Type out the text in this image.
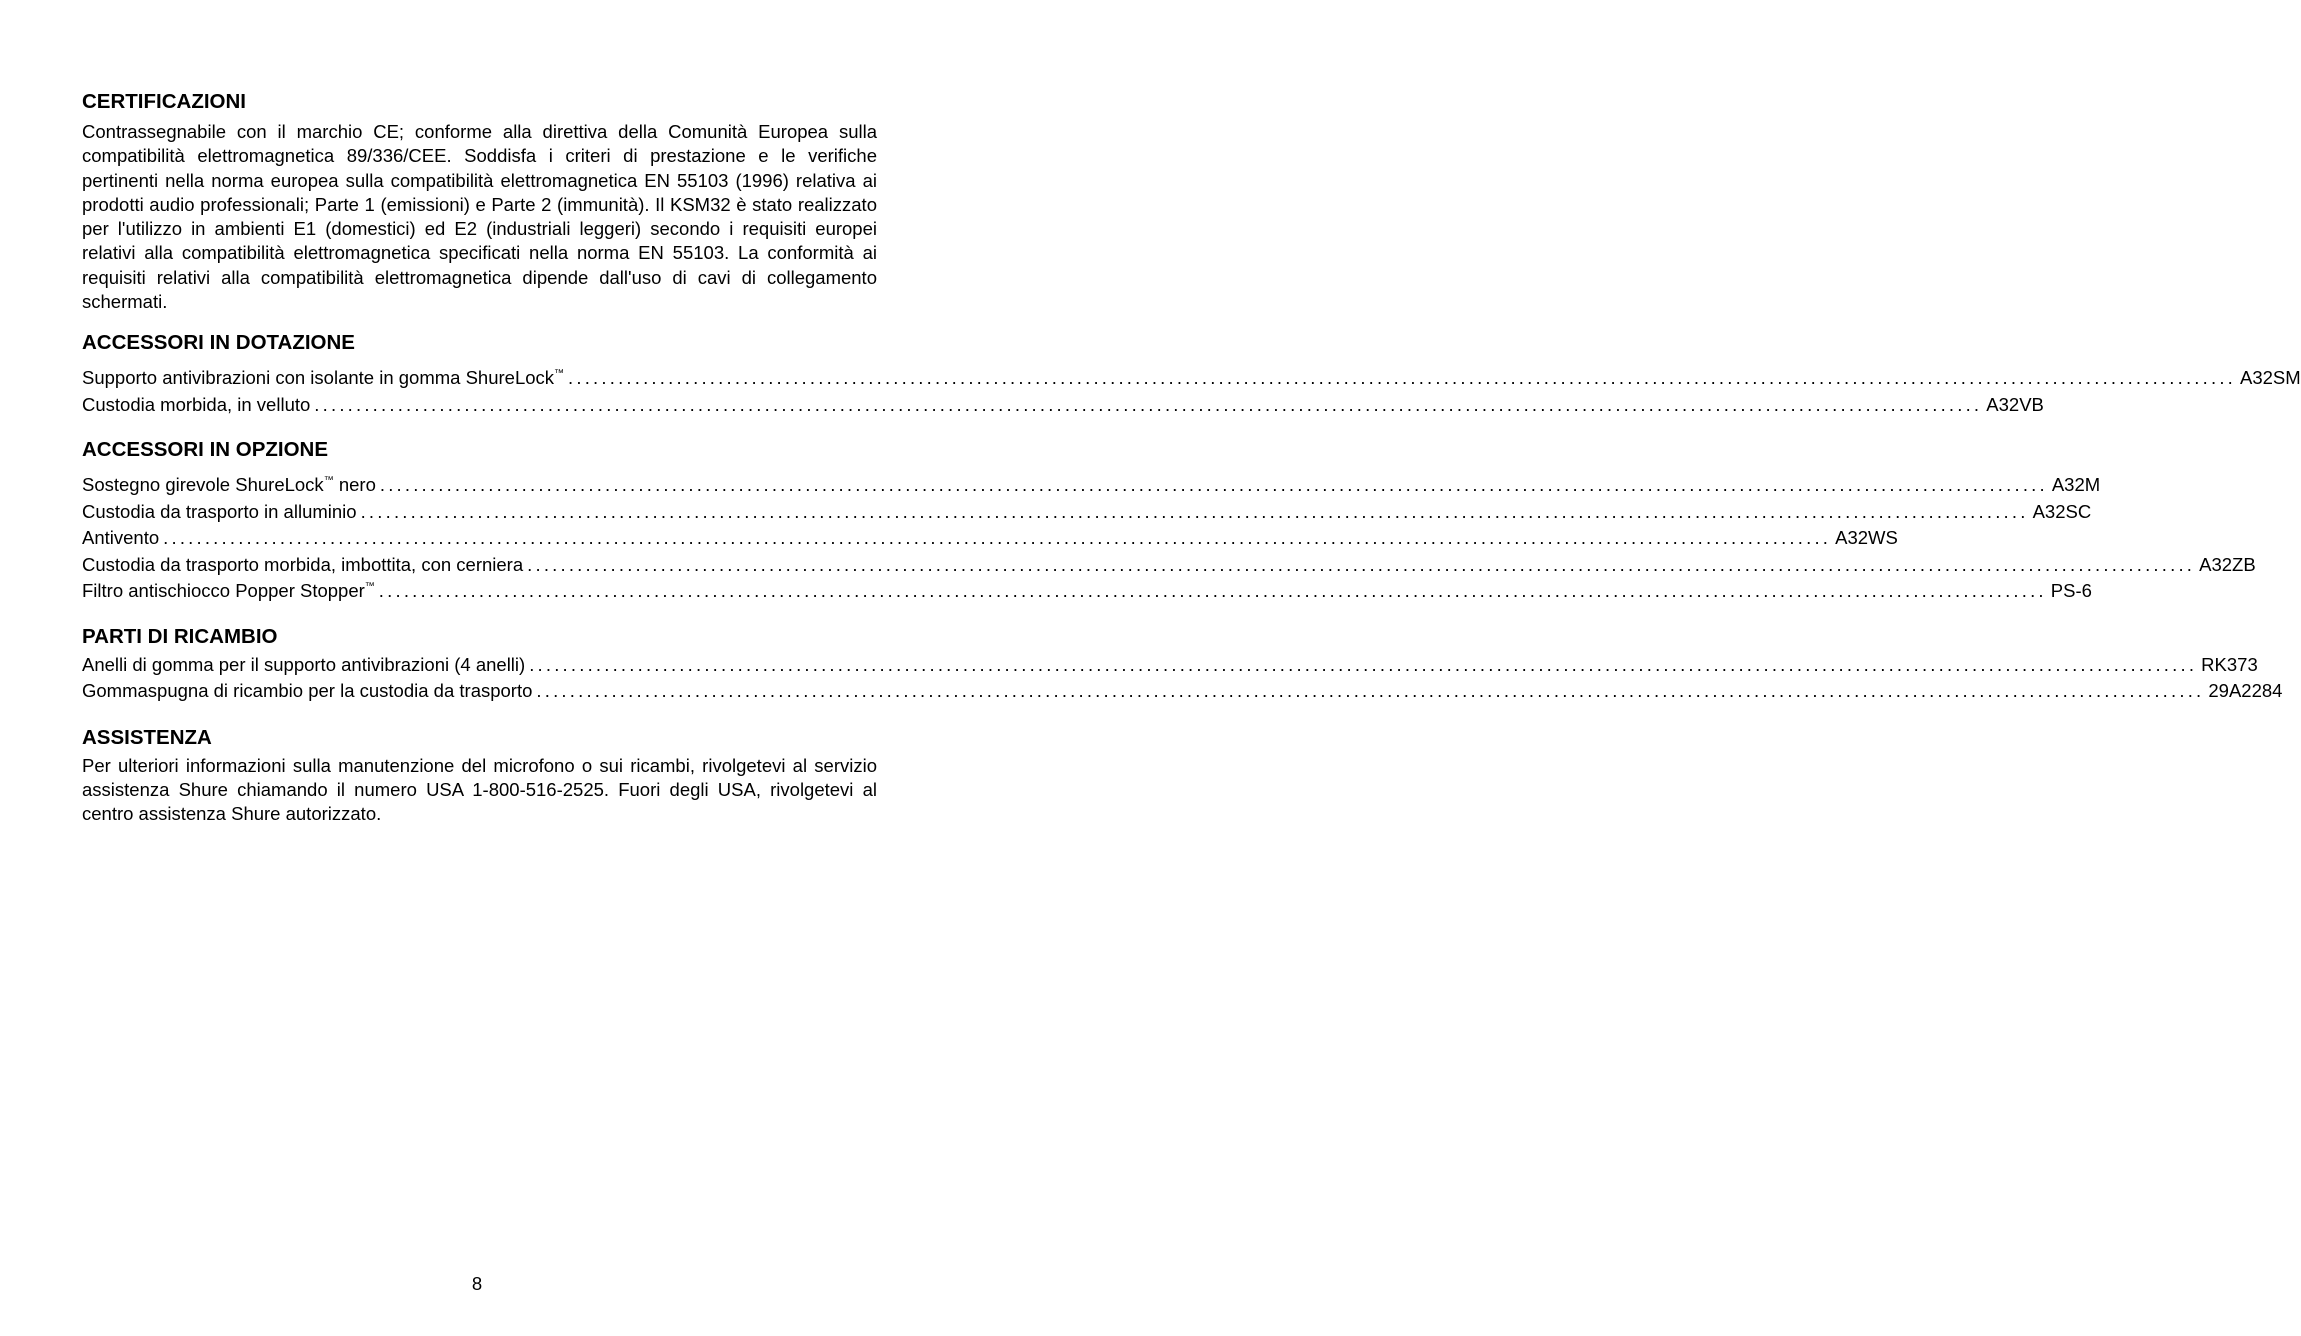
CERTIFICAZIONI

Contrassegnabile con il marchio CE; conforme alla direttiva della Comunità Europea sulla compatibilità elettromagnetica 89/336/CEE. Soddisfa i criteri di prestazione e le verifiche pertinenti nella norma europea sulla compatibilità elettromagnetica EN 55103 (1996) relativa ai prodotti audio professionali; Parte 1 (emissioni) e Parte 2 (immunità). Il KSM32 è stato realizzato per l'utilizzo in ambienti E1 (domestici) ed E2 (industriali leggeri) secondo i requisiti europei relativi alla compatibilità elettromagnetica specificati nella norma EN 55103. La conformità ai requisiti relativi alla compatibilità elettromagnetica dipende dall'uso di cavi di collegamento schermati.

ACCESSORI IN DOTAZIONE
Supporto antivibrazioni con isolante in gomma ShureLock™ ........................................................................................................................................................................................................ A32SM
Custodia morbida, in velluto ........................................................................................................................................................................................................ A32VB
ACCESSORI IN OPZIONE
Sostegno girevole ShureLock™ nero ........................................................................................................................................................................................................ A32M
Custodia da trasporto in alluminio ........................................................................................................................................................................................................ A32SC
Antivento ........................................................................................................................................................................................................ A32WS
Custodia da trasporto morbida, imbottita, con cerniera ........................................................................................................................................................................................................ A32ZB
Filtro antischiocco Popper Stopper™ ........................................................................................................................................................................................................ PS-6
PARTI DI RICAMBIO
Anelli di gomma per il supporto antivibrazioni (4 anelli) ........................................................................................................................................................................................................ RK373
Gommaspugna di ricambio per la custodia da trasporto ........................................................................................................................................................................................................ 29A2284
ASSISTENZA

Per ulteriori informazioni sulla manutenzione del microfono o sui ricambi, rivolgetevi al servizio assistenza Shure chiamando il numero USA 1-800-516-2525. Fuori degli USA, rivolgetevi al centro assistenza Shure autorizzato.

8
